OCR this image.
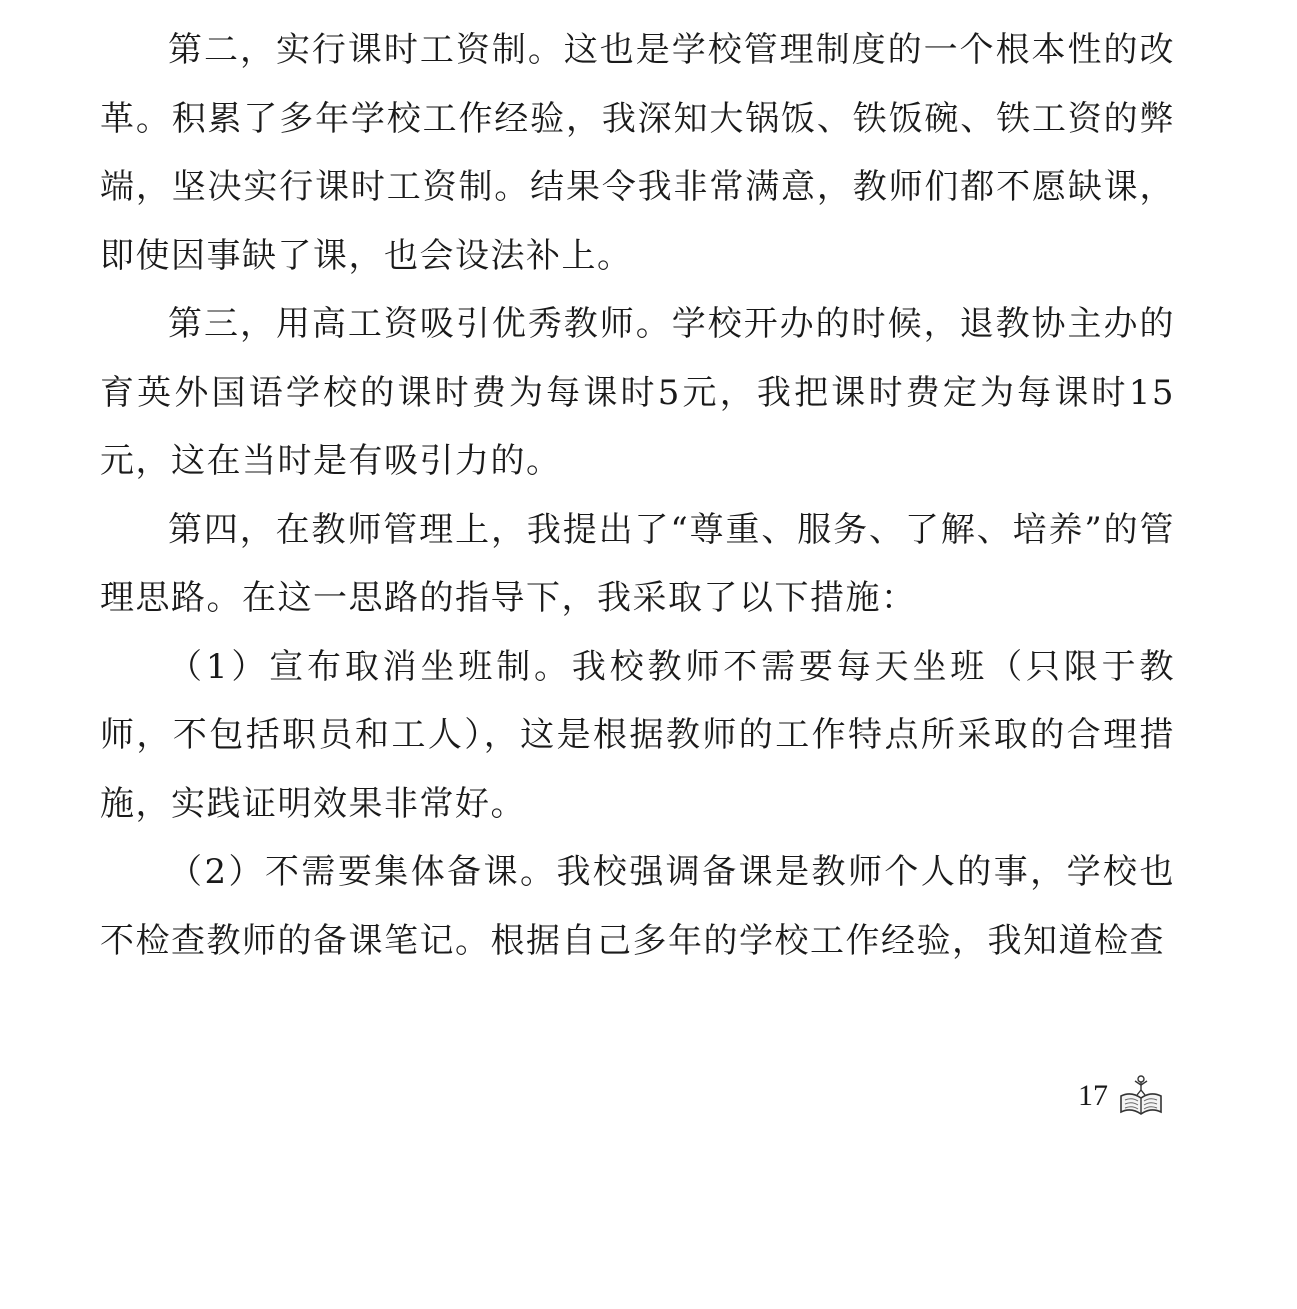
第二，实行课时工资制。这也是学校管理制度的一个根本性的改革。积累了多年学校工作经验，我深知大锅饭、铁饭碗、铁工资的弊端，坚决实行课时工资制。结果令我非常满意，教师们都不愿缺课，即使因事缺了课，也会设法补上。

第三，用高工资吸引优秀教师。学校开办的时候，退教协主办的育英外国语学校的课时费为每课时5元，我把课时费定为每课时15元，这在当时是有吸引力的。

第四，在教师管理上，我提出了“尊重、服务、了解、培养”的管理思路。在这一思路的指导下，我采取了以下措施：

（1）宣布取消坐班制。我校教师不需要每天坐班（只限于教师，不包括职员和工人），这是根据教师的工作特点所采取的合理措施，实践证明效果非常好。

（2）不需要集体备课。我校强调备课是教师个人的事，学校也不检查教师的备课笔记。根据自己多年的学校工作经验，我知道检查

17
